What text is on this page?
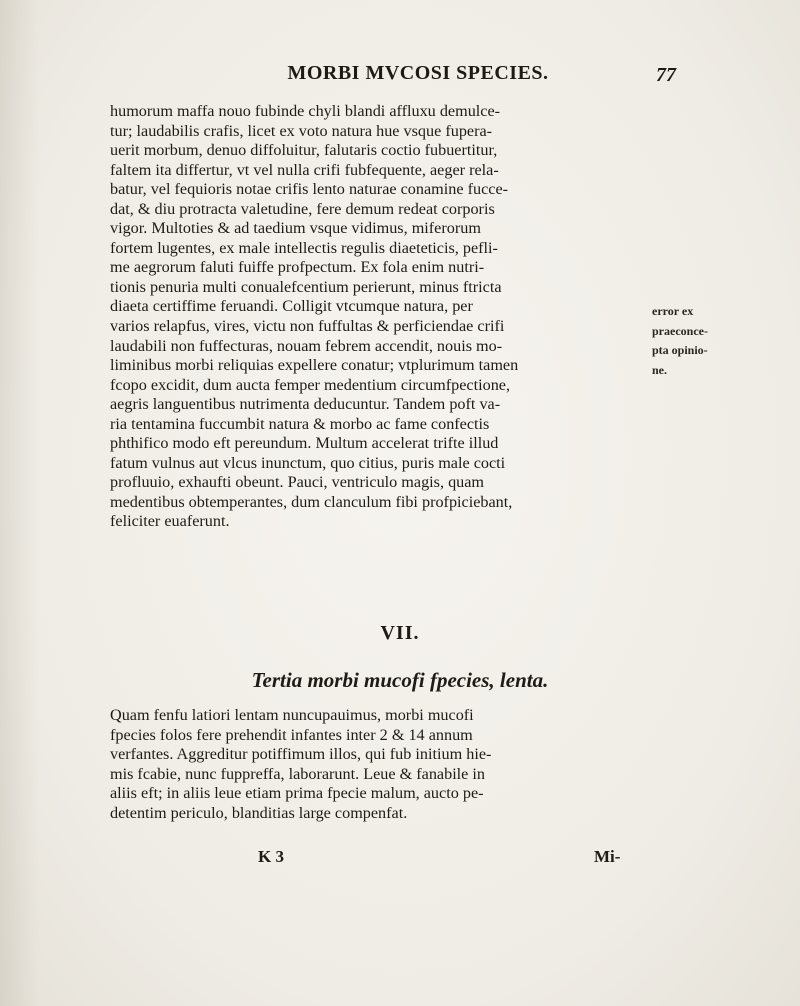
MORBI MVCOSI SPECIES.	77
humorum maffa nouo fubinde chyli blandi affluxu demulce-
tur; laudabilis crafis, licet ex voto natura hue vsque fupera-
uerit morbum, denuo diffoluitur, falutaris coctio fubuertitur,
faltem ita differtur, vt vel nulla crifi fubfequente, aeger rela-
batur, vel fequioris notae crifis lento naturae conamine fucce-
dat, & diu protracta valetudine, fere demum redeat corporis
vigor. Multoties & ad taedium vsque vidimus, miferorum
fortem lugentes, ex male intellectis regulis diaeteticis, pefli-
me aegrorum faluti fuiffe profpectum. Ex fola enim nutri-
tionis penuria multi conualefcentium perierunt, minus ftricta
diaeta certiffime feruandi. Colligit vtcumque natura, per
varios relapfus, vires, victu non fuffultas & perficiendae crifi
laudabili non fuffecturas, nouam febrem accendit, nouis mo-
liminibus morbi reliquias expellere conatur; vtplurimum tamen
fcopo excidit, dum aucta femper medentium circumfpectione,
aegris languentibus nutrimenta deducuntur. Tandem poft va-
ria tentamina fuccumbit natura & morbo ac fame confectis
phthifico modo eft pereundum. Multum accelerat trifte illud
fatum vulnus aut vlcus inunctum, quo citius, puris male cocti
profluuio, exhaufti obeunt. Pauci, ventriculo magis, quam
medentibus obtemperantes, dum clanculum fibi profpiciebant,
feliciter euaferunt.
error ex
praeconce-
pta opinio-
ne.
VII.
Tertia morbi mucofi fpecies, lenta.
Quam fenfu latiori lentam nuncupauimus, morbi mucofi
fpecies folos fere prehendit infantes inter 2 & 14 annum
verfantes. Aggreditur potiffimum illos, qui fub initium hie-
mis fcabie, nunc fuppreffa, laborarunt. Leue & fanabile in
aliis eft; in aliis leue etiam prima fpecie malum, aucto pe-
detentim periculo, blanditias large compenfat.
K 3	Mi-
